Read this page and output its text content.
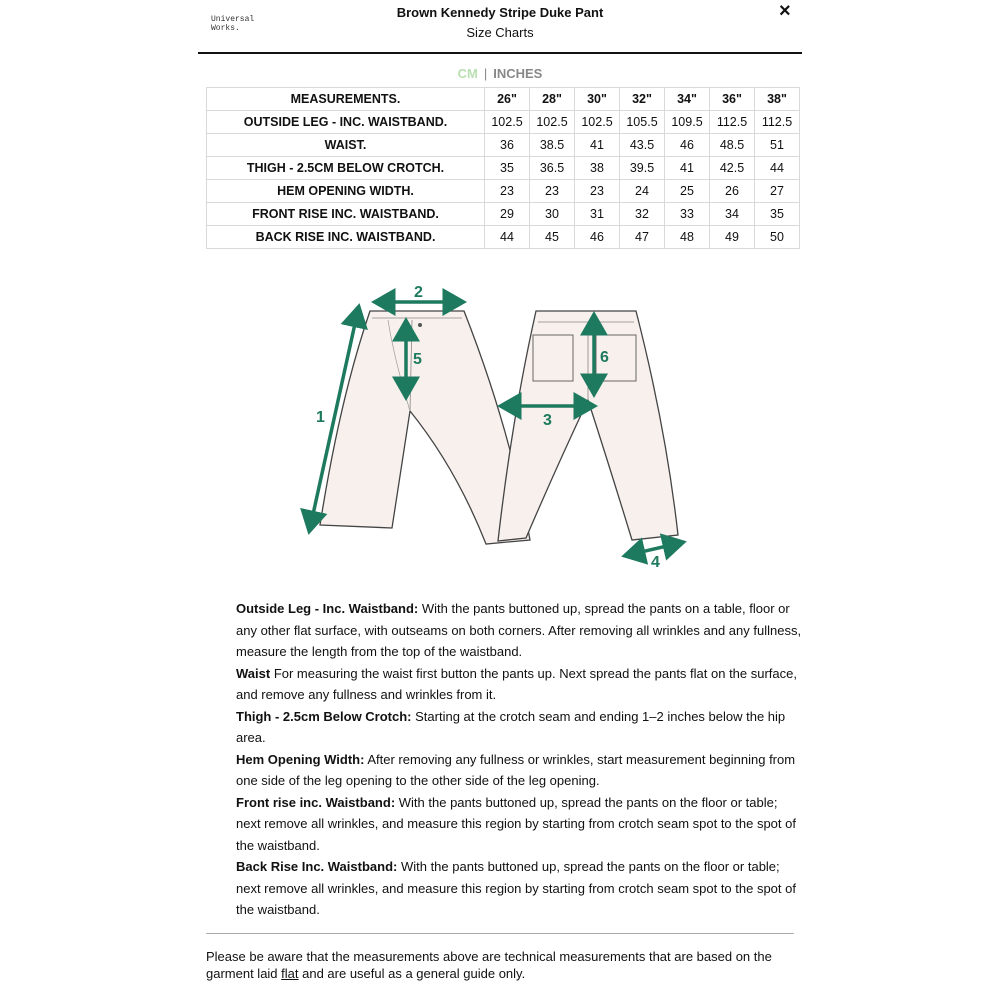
Universal
Works.
Brown Kennedy Stripe Duke Pant
Size Charts
×
CM | INCHES
MEASUREMENTS.	26"	28"	30"	32"	34"	36"	38"
OUTSIDE LEG - INC. WAISTBAND.	102.5	102.5	102.5	105.5	109.5	112.5	112.5
WAIST.	36	38.5	41	43.5	46	48.5	51
THIGH - 2.5CM BELOW CROTCH.	35	36.5	38	39.5	41	42.5	44
HEM OPENING WIDTH.	23	23	23	24	25	26	27
FRONT RISE INC. WAISTBAND.	29	30	31	32	33	34	35
BACK RISE INC. WAISTBAND.	44	45	46	47	48	49	50
1
2
3
4
5	6

Outside Leg - Inc. Waistband: With the pants buttoned up, spread the pants on a table, floor or any other flat surface, with outseams on both corners. After removing all wrinkles and any fullness, measure the length from the top of the waistband.

Waist For measuring the waist first button the pants up. Next spread the pants flat on the surface, and remove any fullness and wrinkles from it.

Thigh - 2.5cm Below Crotch: Starting at the crotch seam and ending 1–2 inches below the hip area.

Hem Opening Width: After removing any fullness or wrinkles, start measurement beginning from one side of the leg opening to the other side of the leg opening.

Front rise inc. Waistband: With the pants buttoned up, spread the pants on the floor or table; next remove all wrinkles, and measure this region by starting from crotch seam spot to the spot of the waistband.

Back Rise Inc. Waistband: With the pants buttoned up, spread the pants on the floor or table; next remove all wrinkles, and measure this region by starting from crotch seam spot to the spot of the waistband.

Please be aware that the measurements above are technical measurements that are based on the garment laid flat and are useful as a general guide only.
